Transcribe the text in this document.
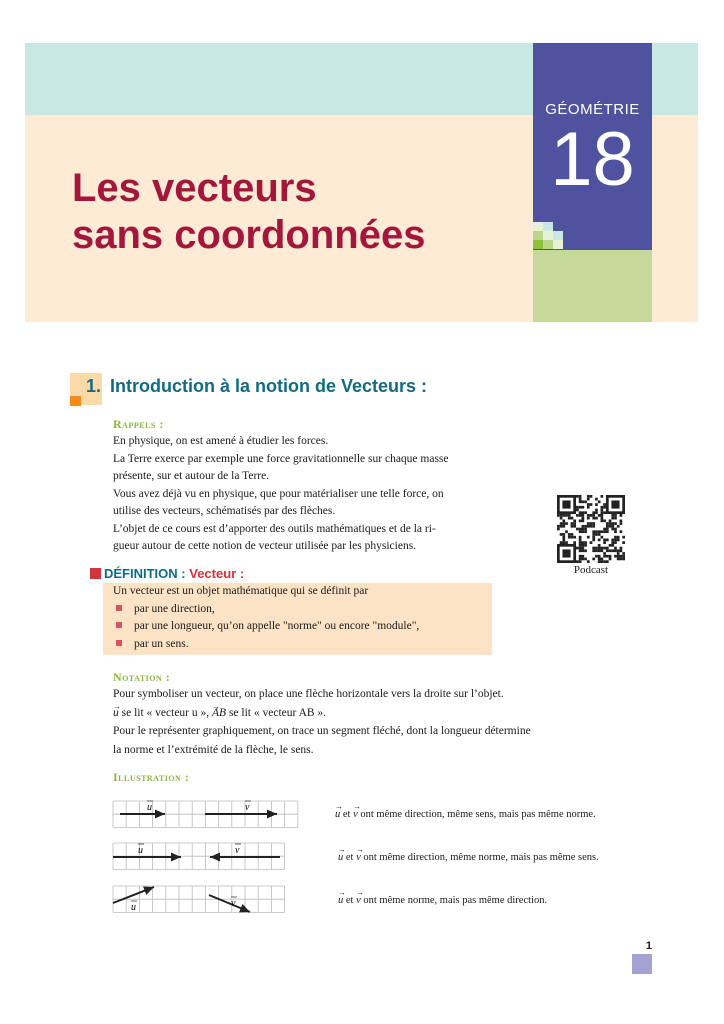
GÉOMÉTRIE
18
Les vecteurs
sans coordonnées
1. Introduction à la notion de Vecteurs :
Rappels :
En physique, on est amené à étudier les forces.
La Terre exerce par exemple une force gravitationnelle sur chaque masse
présente, sur et autour de la Terre.
Vous avez déjà vu en physique, que pour matérialiser une telle force, on
utilise des vecteurs, schématisés par des flèches.
L’objet de ce cours est d’apporter des outils mathématiques et de la ri-
gueur autour de cette notion de vecteur utilisée par les physiciens.
Podcast
DÉFINITION : Vecteur :
Un vecteur est un objet mathématique qui se définit par
par une direction,
par une longueur, qu’on appelle "norme" ou encore "module",
par un sens.
Notation :
Pour symboliser un vecteur, on place une flèche horizontale vers la droite sur l’objet.
→ u se lit « vecteur u », → AB se lit « vecteur AB ».
Pour le représenter graphiquement, on trace un segment fléché, dont la longueur détermine
la norme et l’extrémité de la flèche, le sens.
Illustration :
u	v
u	v
u	v
→ u et → v ont même direction, même sens, mais pas même norme.
→ u et → v ont même direction, même norme, mais pas même sens.
→ u et → v ont même norme, mais pas même direction.
1
